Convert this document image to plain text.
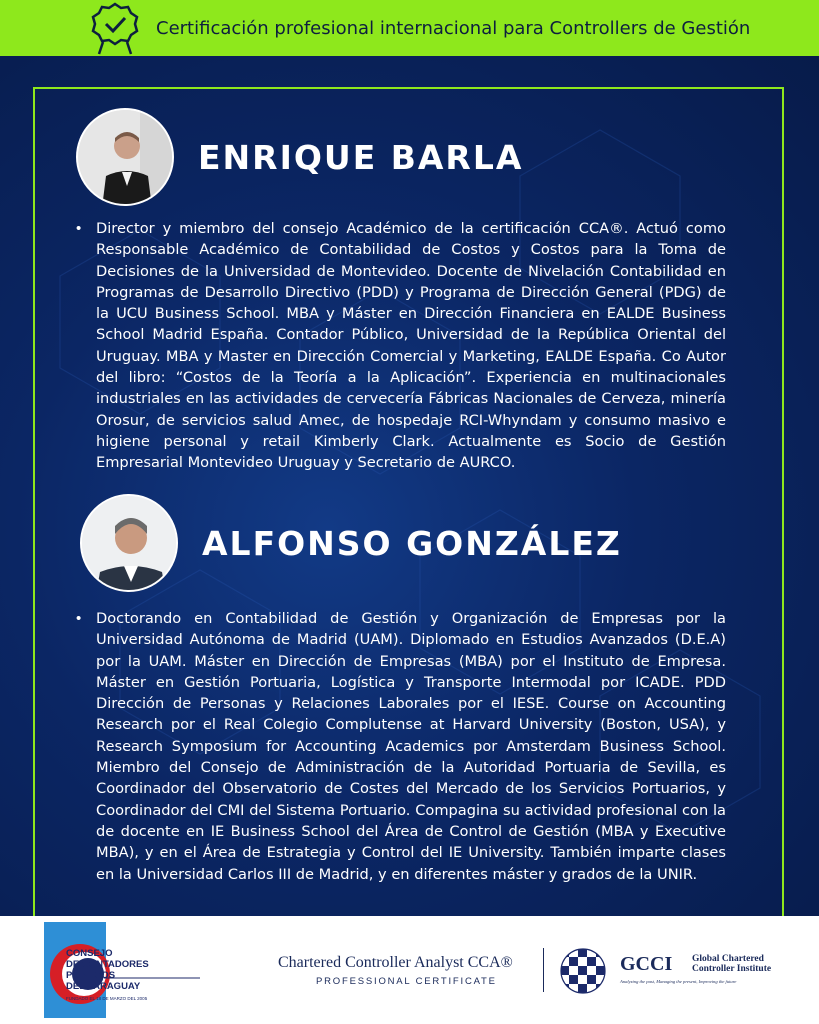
Certificación profesional internacional para Controllers de Gestión
ENRIQUE BARLA
•	Director y miembro del consejo Académico de la certificación CCA®. Actuó como Responsable Académico de Contabilidad de Costos y Costos para la Toma de Decisiones de la Universidad de Montevideo. Docente de Nivelación Contabilidad en Programas de Desarrollo Directivo (PDD) y Programa de Dirección General (PDG) de la UCU Business School. MBA y Máster en Dirección Financiera en EALDE Business School Madrid España. Contador Público, Universidad de la República Oriental del Uruguay. MBA y Master en Dirección Comercial y Marketing, EALDE España. Co Autor del libro: “Costos de la Teoría a la Aplicación”. Experiencia en multinacionales industriales en las actividades de cervecería Fábricas Nacionales de Cerveza, minería Orosur, de servicios salud Amec, de hospedaje RCI-Whyndam y consumo masivo e higiene personal y retail Kimberly Clark. Actualmente es Socio de Gestión Empresarial Montevideo Uruguay y Secretario de AURCO.
ALFONSO GONZÁLEZ
•	Doctorando en Contabilidad de Gestión y Organización de Empresas por la Universidad Autónoma de Madrid (UAM). Diplomado en Estudios Avanzados (D.E.A) por la UAM. Máster en Dirección de Empresas (MBA) por el Instituto de Empresa. Máster en Gestión Portuaria, Logística y Transporte Intermodal por ICADE. PDD Dirección de Personas y Relaciones Laborales por el IESE. Course on Accounting Research por el Real Colegio Complutense at Harvard University (Boston, USA), y Research Symposium for Accounting Academics por Amsterdam Business School. Miembro del Consejo de Administración de la Autoridad Portuaria de Sevilla, es Coordinador del Observatorio de Costes del Mercado de los Servicios Portuarios, y Coordinador del CMI del Sistema Portuario. Compagina su actividad profesional con la de docente en IE Business School del Área de Control de Gestión (MBA y Executive MBA), y en el Área de Estrategia y Control del IE University. También imparte clases en la Universidad Carlos III de Madrid, y en diferentes máster y grados de la UNIR.
CONSEJO
DE CONTADORES
PUBLICOS
DEL PARAGUAY
FUNDADO EL 18 DE MARZO DEL 2005
Chartered Controller Analyst CCA®
PROFESSIONAL CERTIFICATE
GCCI Global Chartered
Controller Institute
Analyzing the past, Managing the present, Improving the future
